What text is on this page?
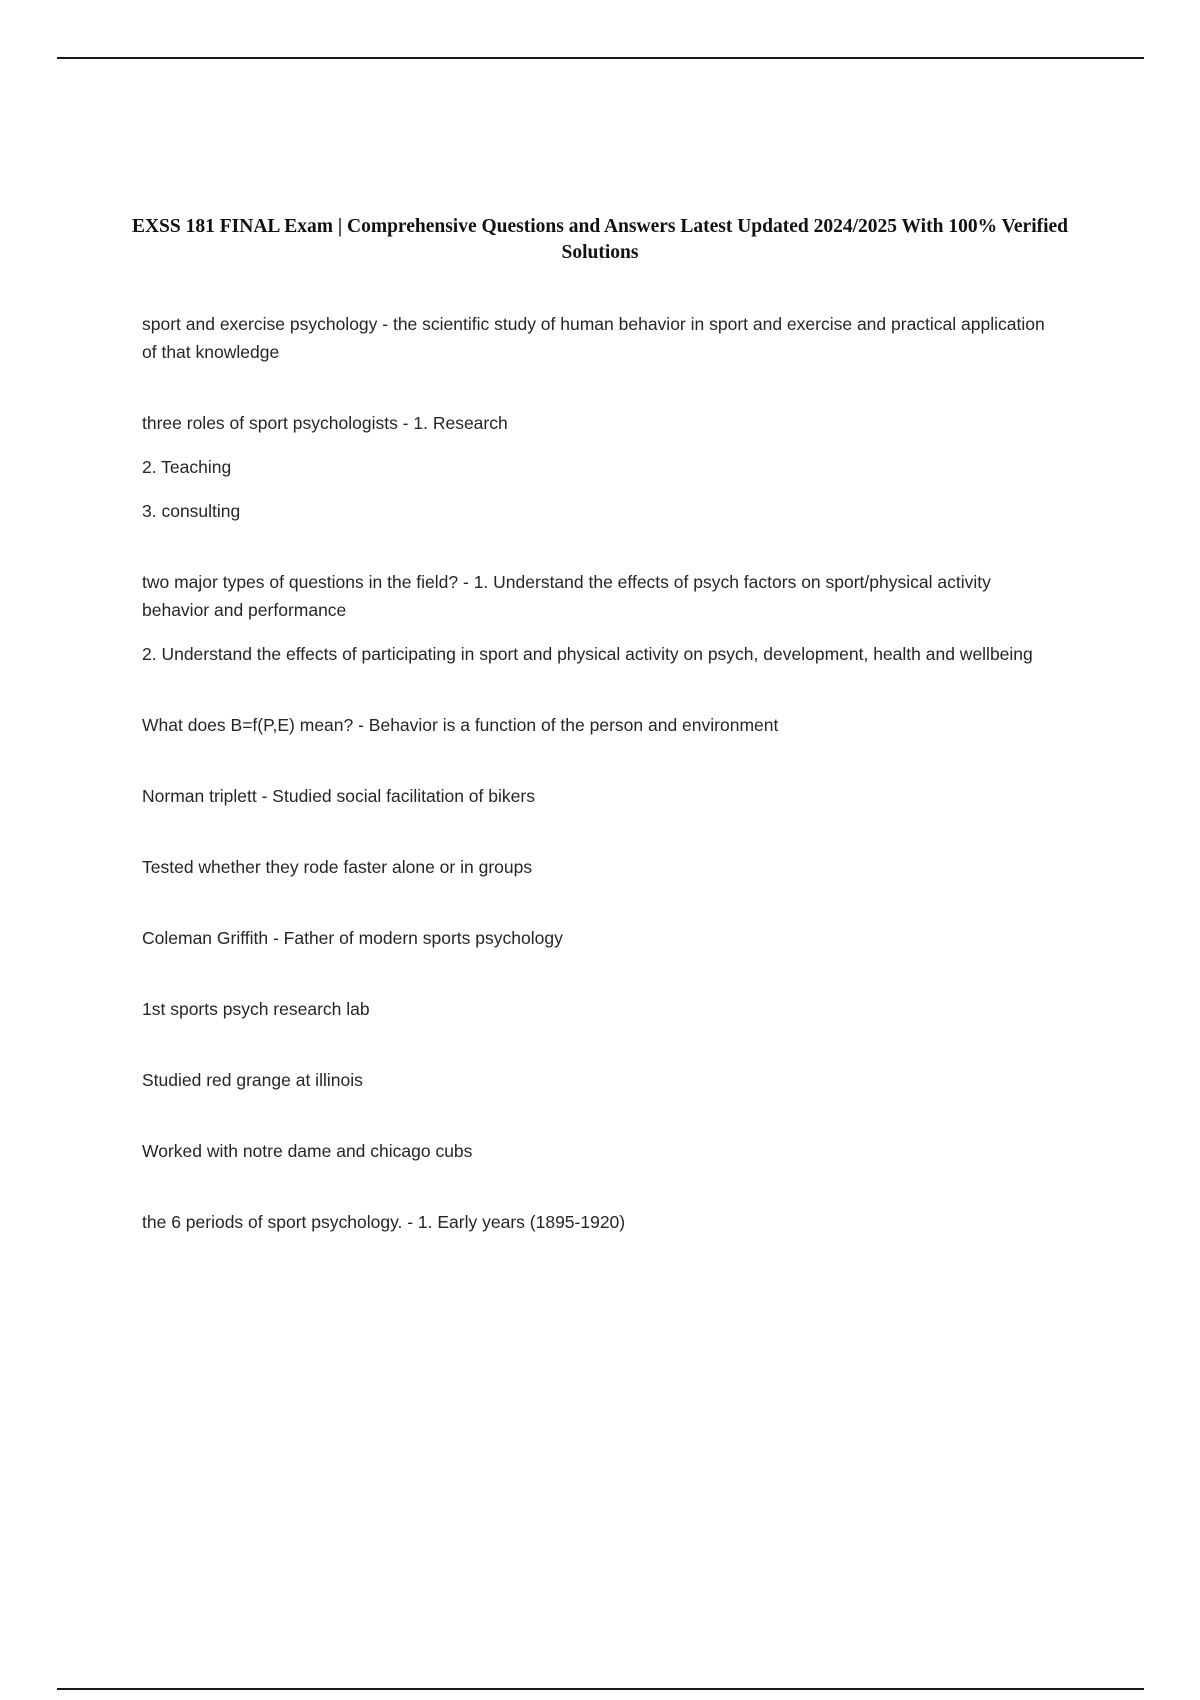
EXSS 181 FINAL Exam | Comprehensive Questions and Answers Latest Updated 2024/2025 With 100% Verified Solutions

sport and exercise psychology - the scientific study of human behavior in sport and exercise and practical application of that knowledge

three roles of sport psychologists - 1. Research

2. Teaching

3. consulting

two major types of questions in the field? - 1. Understand the effects of psych factors on sport/physical activity behavior and performance

2. Understand the effects of participating in sport and physical activity on psych, development, health and wellbeing

What does B=f(P,E) mean? - Behavior is a function of the person and environment

Norman triplett - Studied social facilitation of bikers

Tested whether they rode faster alone or in groups

Coleman Griffith - Father of modern sports psychology

1st sports psych research lab

Studied red grange at illinois

Worked with notre dame and chicago cubs

the 6 periods of sport psychology. - 1. Early years (1895-1920)
